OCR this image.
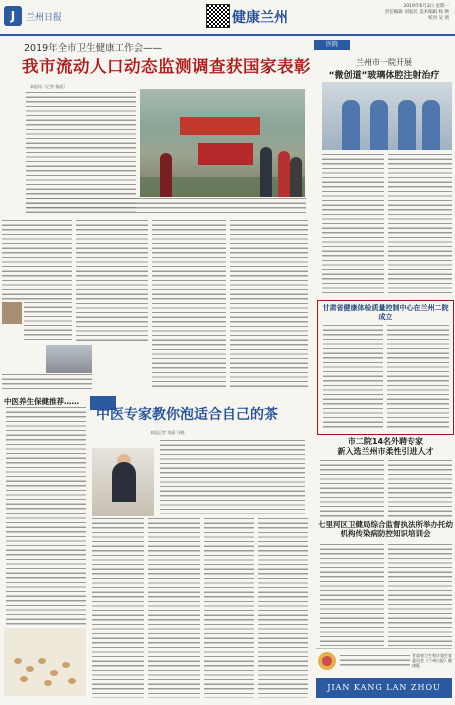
J	兰州日报	健康兰州
2019年6月3日 星期一
责任编辑 刘爱民 美术编辑 杨 焕
校对 吴 倩
2019年全市卫生健康工作会——
我市流动人口动态监测调查获国家表彰
本报讯（记者 杨丽）
医院
兰州市一院开展
“微创道”玻璃体腔注射治疗
甘肃省健康体检质量控制中心在兰州二院成立
市二院14名外聘专家
新入选兰州市柔性引进人才
七里河区卫健局综合监督执法所举办托幼机构传染病防控知识培训会
甘肃省卫生和计划生育委员会《兰州日报》健康版
JIAN KANG LAN ZHOU
中医养生保健推荐……
中医专家教你泡适合自己的茶
本报记者 刘丽 马晓
